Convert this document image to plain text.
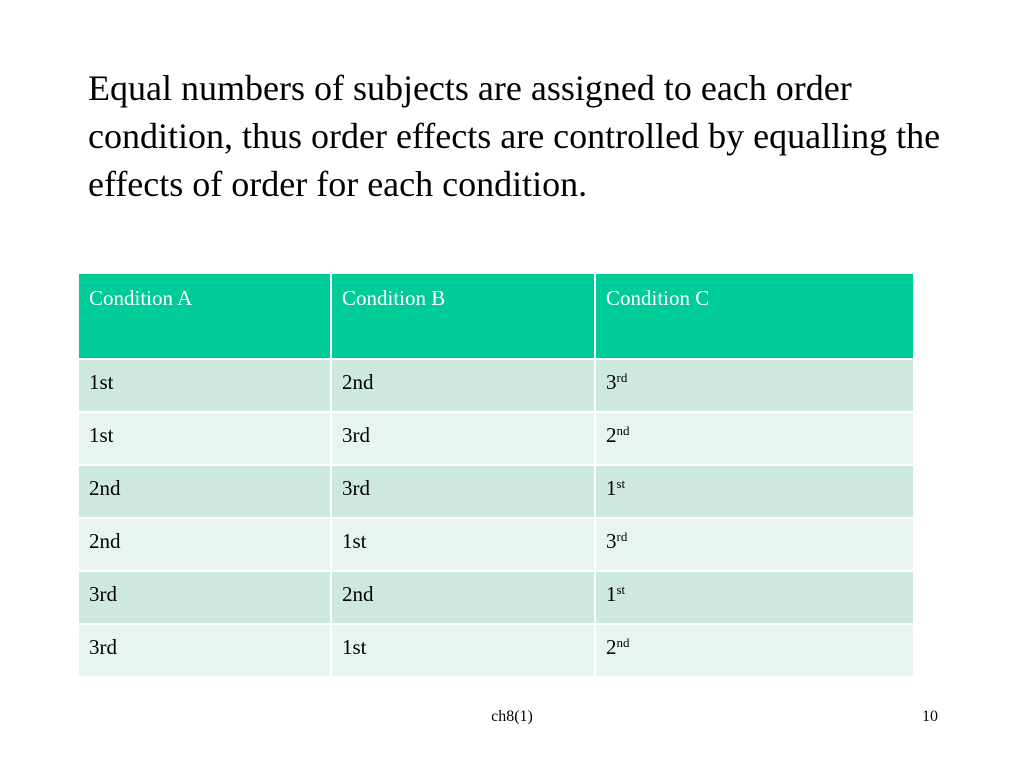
Equal numbers of subjects are assigned to each order condition, thus order effects are controlled by equalling the effects of order for each condition.

Condition A	Condition B	Condition C
1st	2nd	3rd
1st	3rd	2nd
2nd	3rd	1st
2nd	1st	3rd
3rd	2nd	1st
3rd	1st	2nd

ch8(1)	10
